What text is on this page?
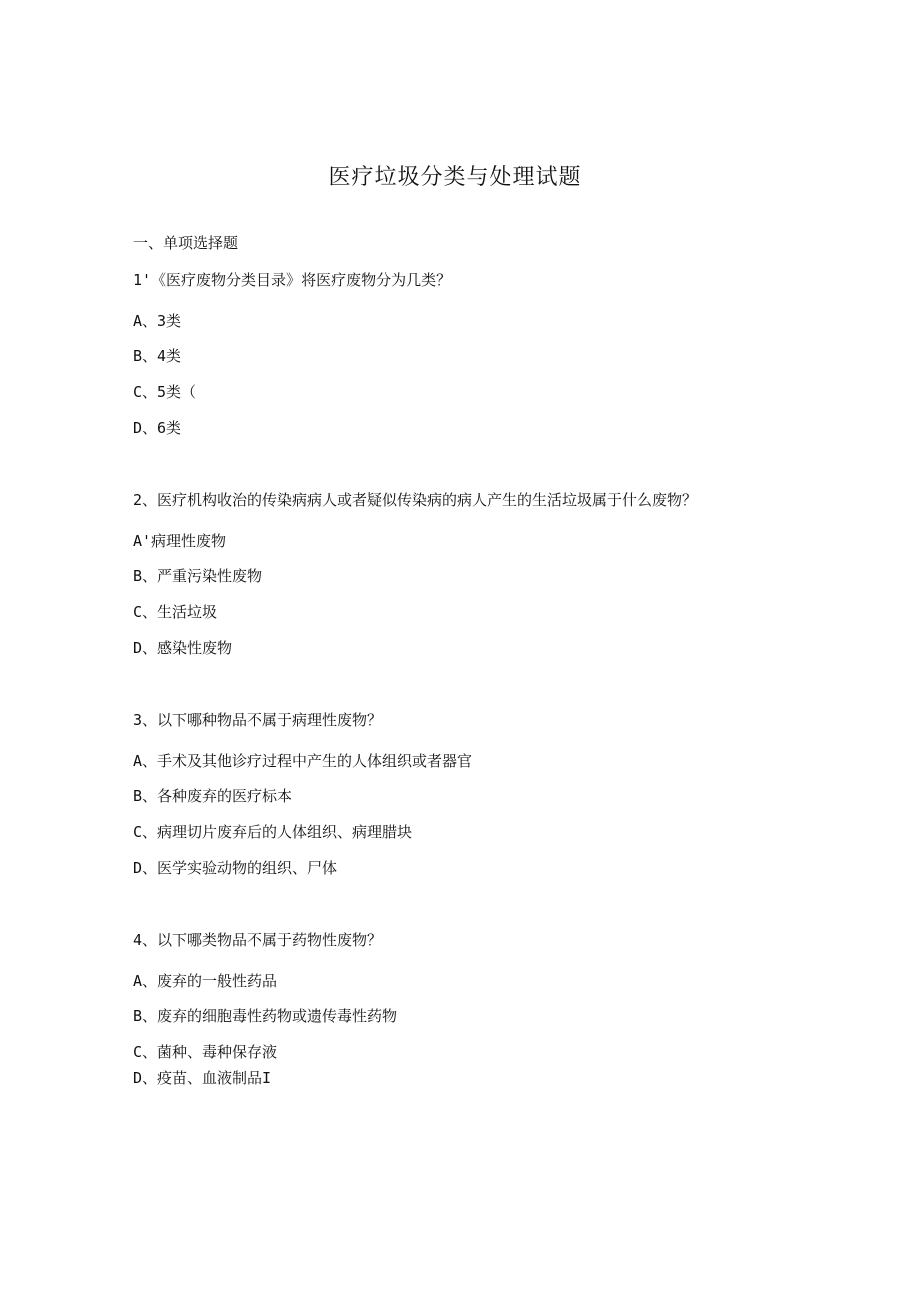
医疗垃圾分类与处理试题
一、单项选择题
1'《医疗废物分类目录》将医疗废物分为几类？
A、3类
B、4类
C、5类（
D、6类
2、医疗机构收治的传染病病人或者疑似传染病的病人产生的生活垃圾属于什么废物？
A'病理性废物
B、严重污染性废物
C、生活垃圾
D、感染性废物
3、以下哪种物品不属于病理性废物？
A、手术及其他诊疗过程中产生的人体组织或者器官
B、各种废弃的医疗标本
C、病理切片废弃后的人体组织、病理腊块
D、医学实验动物的组织、尸体
4、以下哪类物品不属于药物性废物？
A、废弃的一般性药品
B、废弃的细胞毒性药物或遗传毒性药物
C、菌种、毒种保存液
D、疫苗、血液制品I
